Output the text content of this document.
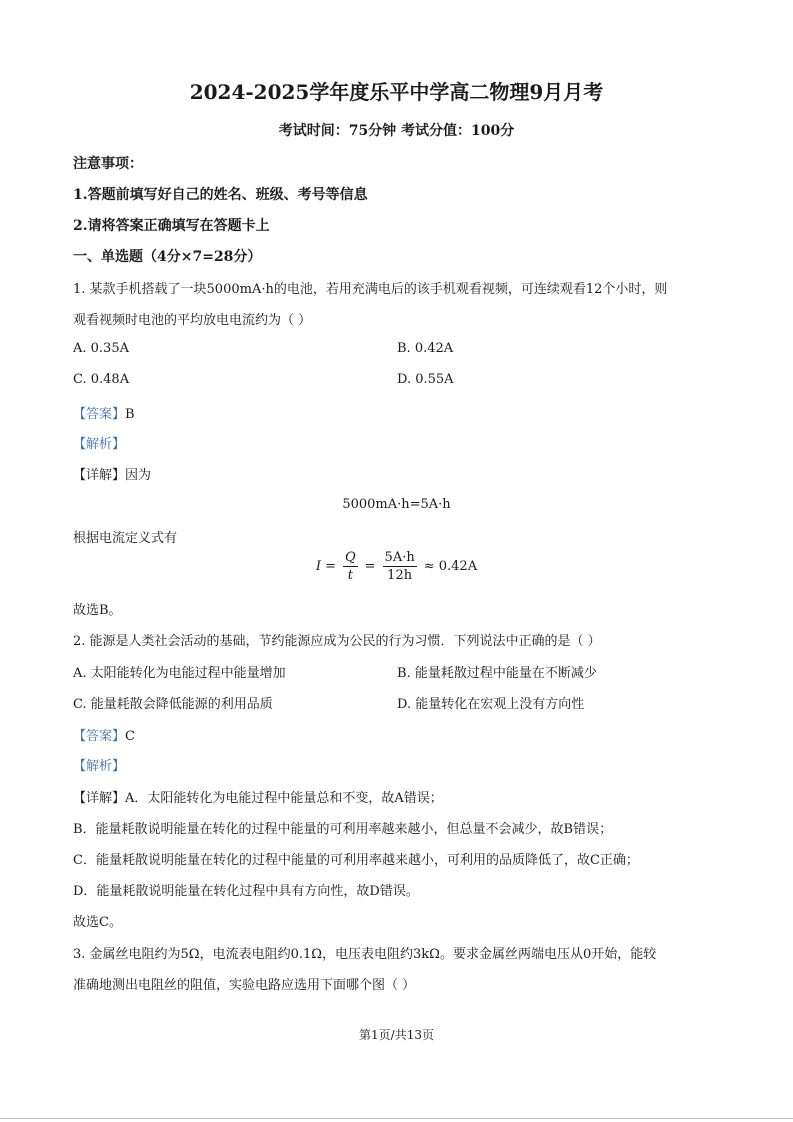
2024-2025学年度乐平中学高二物理9月月考
考试时间：75分钟 考试分值：100分
注意事项：
1.答题前填写好自己的姓名、班级、考号等信息
2.请将答案正确填写在答题卡上
一、单选题（4分×7=28分）
1. 某款手机搭载了一块5000mA·h的电池，若用充满电后的该手机观看视频，可连续观看12个小时，则
观看视频时电池的平均放电电流约为（ ）
A. 0.35A	B. 0.42A
C. 0.48A	D. 0.55A
【答案】B
【解析】
【详解】因为
5000mA·h=5A·h
根据电流定义式有
$I = \frac{Q}{t} = \frac{5A\cdot h}{12h} \approx 0.42A$
故选B。
2. 能源是人类社会活动的基础，节约能源应成为公民的行为习惯．下列说法中正确的是（ ）
A. 太阳能转化为电能过程中能量增加	B. 能量耗散过程中能量在不断减少
C. 能量耗散会降低能源的利用品质	D. 能量转化在宏观上没有方向性
【答案】C
【解析】
【详解】A．太阳能转化为电能过程中能量总和不变，故A错误；
B．能量耗散说明能量在转化的过程中能量的可利用率越来越小，但总量不会减少，故B错误；
C．能量耗散说明能量在转化的过程中能量的可利用率越来越小，可利用的品质降低了，故C正确；
D．能量耗散说明能量在转化过程中具有方向性，故D错误。
故选C。
3. 金属丝电阻约为5Ω，电流表电阻约0.1Ω，电压表电阻约3kΩ。要求金属丝两端电压从0开始，能较
准确地测出电阻丝的阻值，实验电路应选用下面哪个图（ ）
第1页/共13页
